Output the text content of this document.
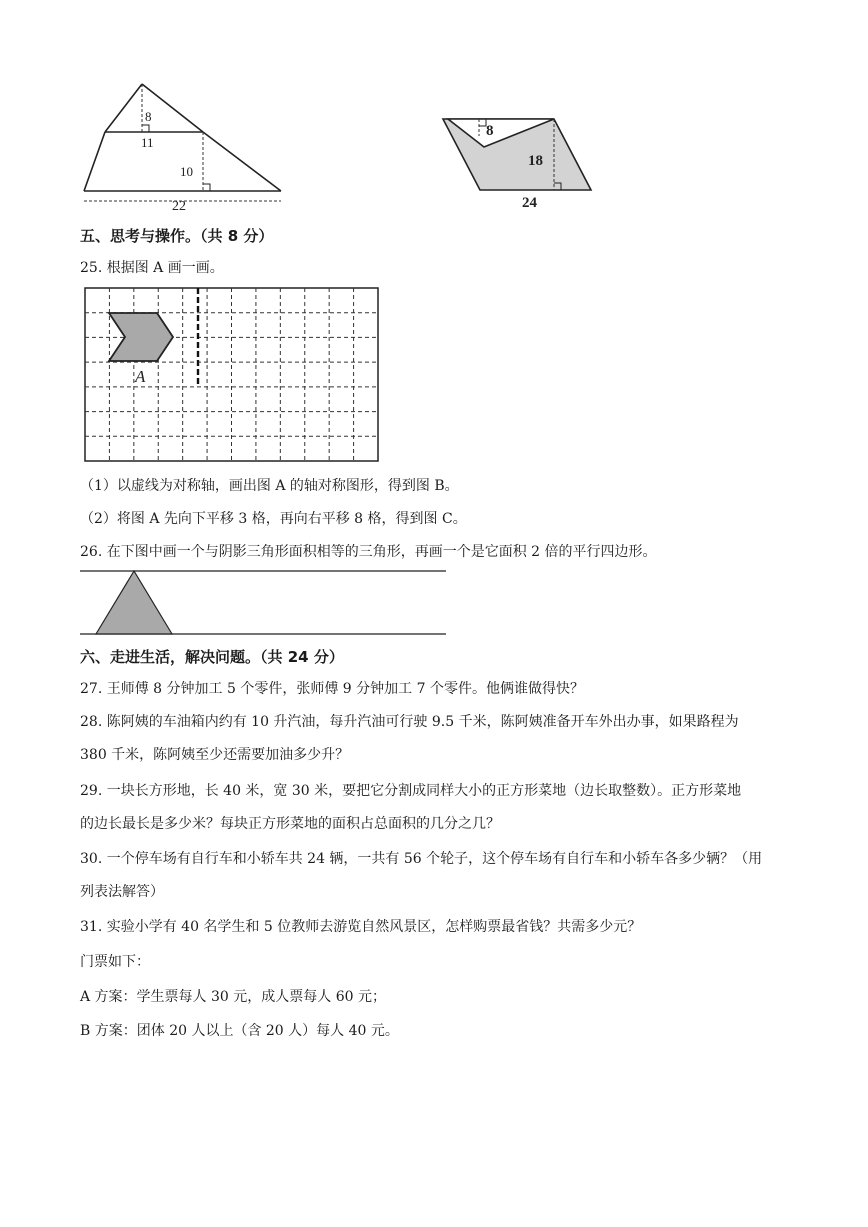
8
11
10
22
8
18
24
五、思考与操作。（共 8 分）
25. 根据图 A 画一画。
A
（1）以虚线为对称轴，画出图 A 的轴对称图形，得到图 B。
（2）将图 A 先向下平移 3 格，再向右平移 8 格，得到图 C。
26. 在下图中画一个与阴影三角形面积相等的三角形，再画一个是它面积 2 倍的平行四边形。
六、走进生活，解决问题。（共 24 分）
27. 王师傅 8 分钟加工 5 个零件，张师傅 9 分钟加工 7 个零件。他俩谁做得快？
28. 陈阿姨的车油箱内约有 10 升汽油，每升汽油可行驶 9.5 千米，陈阿姨准备开车外出办事，如果路程为
380 千米，陈阿姨至少还需要加油多少升？
29. 一块长方形地，长 40 米，宽 30 米，要把它分割成同样大小的正方形菜地（边长取整数）。正方形菜地
的边长最长是多少米？每块正方形菜地的面积占总面积的几分之几？
30. 一个停车场有自行车和小轿车共 24 辆，一共有 56 个轮子，这个停车场有自行车和小轿车各多少辆？（用
列表法解答）
31. 实验小学有 40 名学生和 5 位教师去游览自然风景区，怎样购票最省钱？共需多少元？
门票如下：
A 方案：学生票每人 30 元，成人票每人 60 元；
B 方案：团体 20 人以上（含 20 人）每人 40 元。
